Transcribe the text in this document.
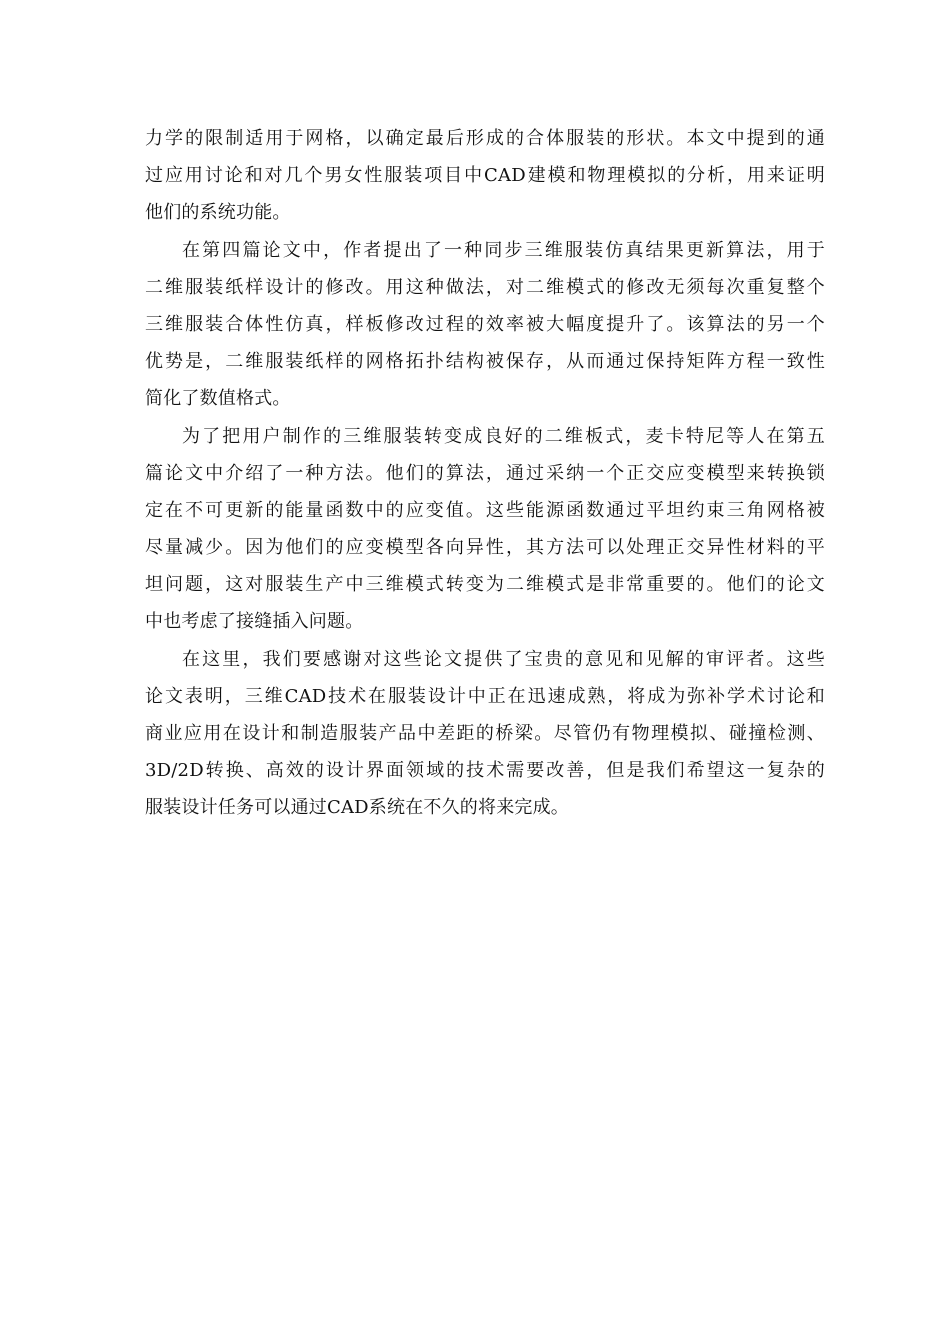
力学的限制适用于网格，以确定最后形成的合体服装的形状。本文中提到的通
过应用讨论和对几个男女性服装项目中CAD建模和物理模拟的分析，用来证明
他们的系统功能。
在第四篇论文中，作者提出了一种同步三维服装仿真结果更新算法，用于
二维服装纸样设计的修改。用这种做法，对二维模式的修改无须每次重复整个
三维服装合体性仿真，样板修改过程的效率被大幅度提升了。该算法的另一个
优势是，二维服装纸样的网格拓扑结构被保存，从而通过保持矩阵方程一致性
简化了数值格式。
为了把用户制作的三维服装转变成良好的二维板式，麦卡特尼等人在第五
篇论文中介绍了一种方法。他们的算法，通过采纳一个正交应变模型来转换锁
定在不可更新的能量函数中的应变值。这些能源函数通过平坦约束三角网格被
尽量减少。因为他们的应变模型各向异性，其方法可以处理正交异性材料的平
坦问题，这对服装生产中三维模式转变为二维模式是非常重要的。他们的论文
中也考虑了接缝插入问题。
在这里，我们要感谢对这些论文提供了宝贵的意见和见解的审评者。这些
论文表明，三维CAD技术在服装设计中正在迅速成熟，将成为弥补学术讨论和
商业应用在设计和制造服装产品中差距的桥梁。尽管仍有物理模拟、碰撞检测、
3D/2D转换、高效的设计界面领域的技术需要改善，但是我们希望这一复杂的
服装设计任务可以通过CAD系统在不久的将来完成。
